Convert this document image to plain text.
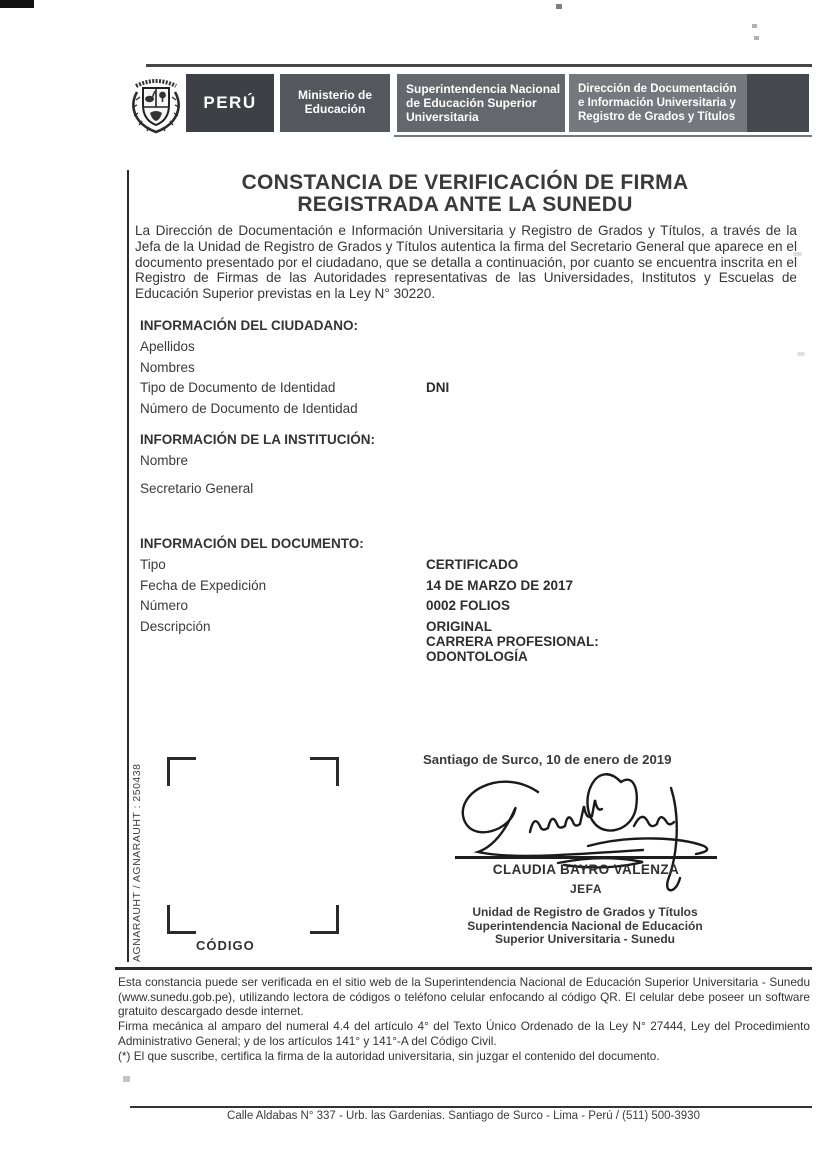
PERÚ	Ministerio de Educación
Superintendencia Nacional de Educación Superior Universitaria
Dirección de Documentación e Información Universitaria y Registro de Grados y Títulos
CONSTANCIA DE VERIFICACIÓN DE FIRMA
REGISTRADA ANTE LA SUNEDU
La Dirección de Documentación e Información Universitaria y Registro de Grados y Títulos, a través de la Jefa de la Unidad de Registro de Grados y Títulos autentica la firma del Secretario General que aparece en el documento presentado por el ciudadano, que se detalla a continuación, por cuanto se encuentra inscrita en el Registro de Firmas de las Autoridades representativas de las Universidades, Institutos y Escuelas de Educación Superior previstas en la Ley N° 30220.
INFORMACIÓN DEL CIUDADANO:
Apellidos
Nombres
Tipo de Documento de Identidad	DNI
Número de Documento de Identidad
INFORMACIÓN DE LA INSTITUCIÓN:
Nombre
Secretario General
INFORMACIÓN DEL DOCUMENTO:
Tipo	CERTIFICADO
Fecha de Expedición	14 DE MARZO DE 2017
Número	0002 FOLIOS
Descripción	ORIGINAL
CARRERA PROFESIONAL: ODONTOLOGÍA
Santiago de Surco, 10 de enero de 2019
CÓDIGO
AGNARAUHT / AGNARAUHT : 250438	CLAUDIA BAYRO VALENZA
JEFA
Unidad de Registro de Grados y Títulos
Superintendencia Nacional de Educación
Superior Universitaria - Sunedu

Esta constancia puede ser verificada en el sitio web de la Superintendencia Nacional de Educación Superior Universitaria - Sunedu (www.sunedu.gob.pe), utilizando lectora de códigos o teléfono celular enfocando al código QR. El celular debe poseer un software gratuito descargado desde internet.

Firma mecánica al amparo del numeral 4.4 del artículo 4° del Texto Único Ordenado de la Ley N° 27444, Ley del Procedimiento Administrativo General; y de los artículos 141° y 141°-A del Código Civil.

(*) El que suscribe, certifica la firma de la autoridad universitaria, sin juzgar el contenido del documento.

Calle Aldabas N° 337 - Urb. las Gardenias. Santiago de Surco - Lima - Perú / (511) 500-3930
